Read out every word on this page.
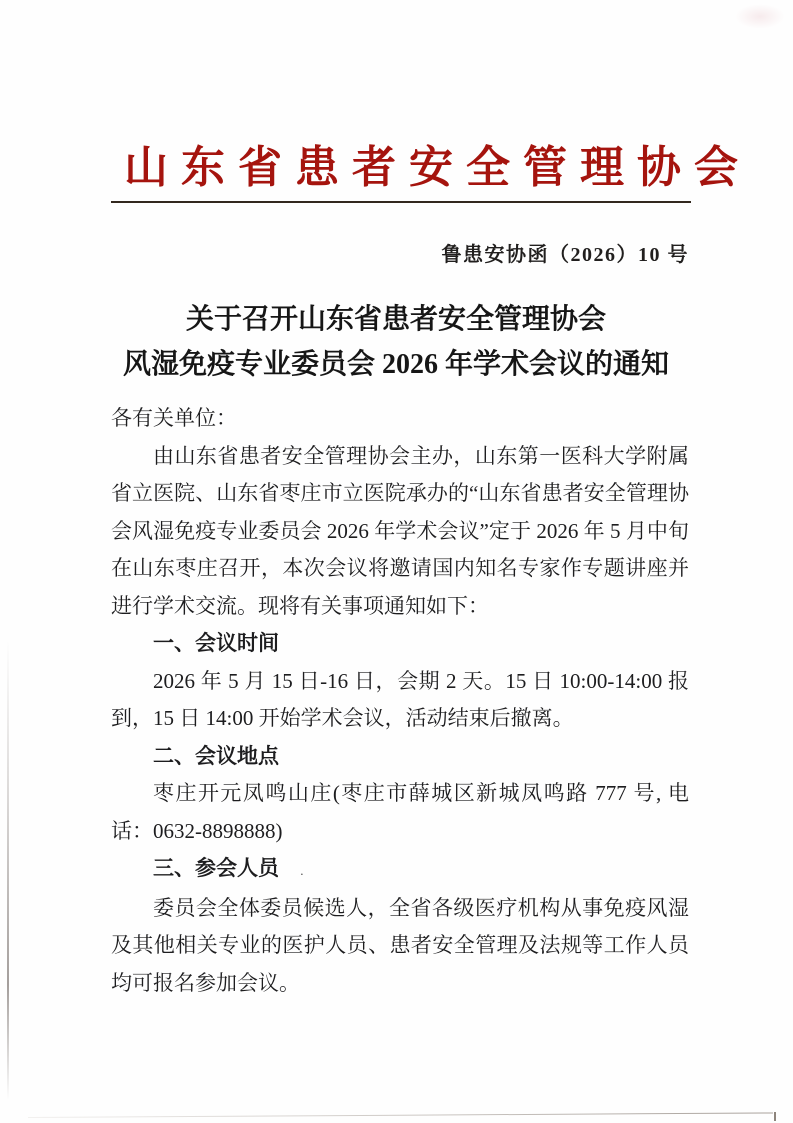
山东省患者安全管理协会
鲁患安协函（2026）10 号
关于召开山东省患者安全管理协会
风湿免疫专业委员会 2026 年学术会议的通知

各有关单位：

由山东省患者安全管理协会主办，山东第一医科大学附属省立医院、山东省枣庄市立医院承办的“山东省患者安全管理协会风湿免疫专业委员会 2026 年学术会议”定于 2026 年 5 月中旬在山东枣庄召开，本次会议将邀请国内知名专家作专题讲座并进行学术交流。现将有关事项通知如下：

一、会议时间

2026 年 5 月 15 日-16 日，会期 2 天。15 日 10:00-14:00 报到，15 日 14:00 开始学术会议，活动结束后撤离。

二、会议地点

枣庄开元凤鸣山庄(枣庄市薛城区新城凤鸣路 777 号, 电话：0632-8898888)

三、参会人员 .

委员会全体委员候选人，全省各级医疗机构从事免疫风湿及其他相关专业的医护人员、患者安全管理及法规等工作人员均可报名参加会议。
